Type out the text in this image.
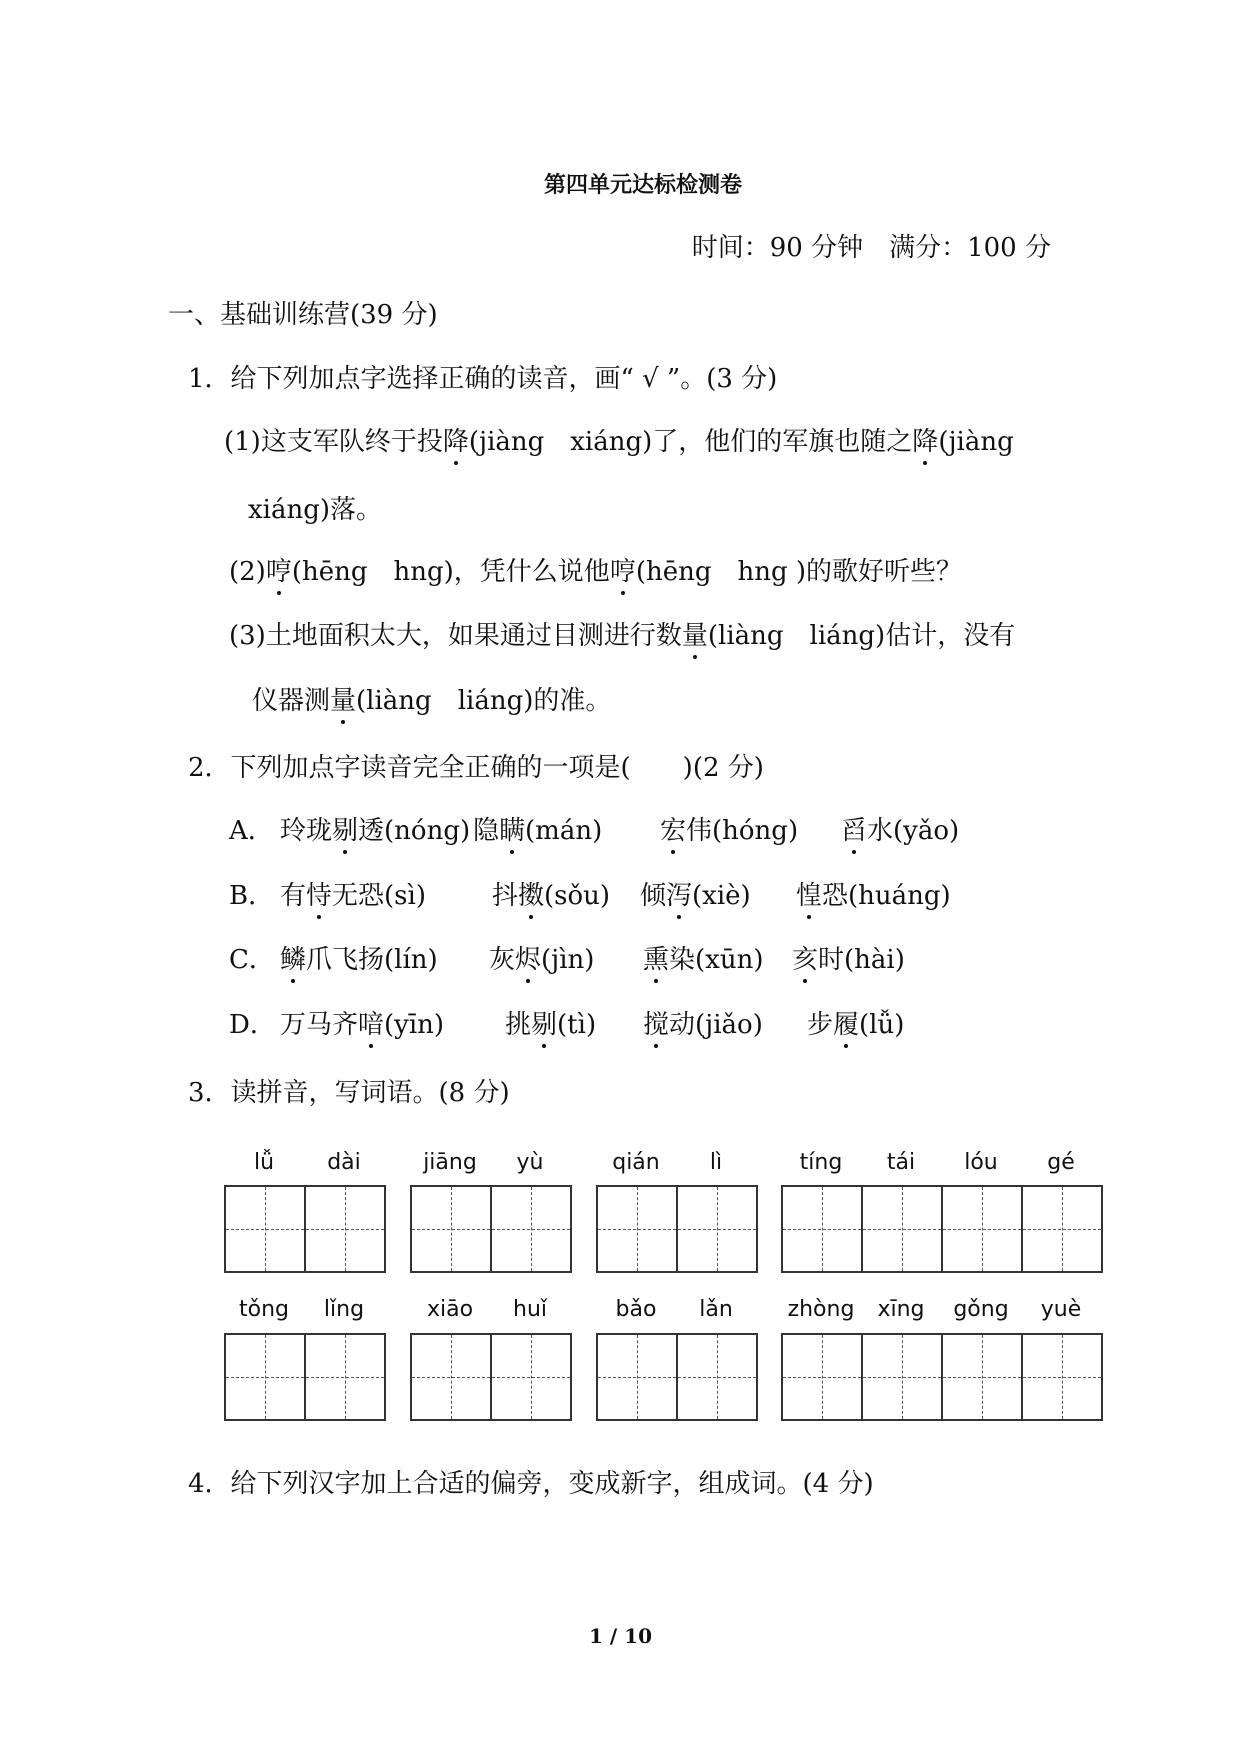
第四单元达标检测卷
时间：90 分钟　满分：100 分
一、基础训练营(39 分)
1．给下列加点字选择正确的读音，画“ √ ”。(3 分)
(1)这支军队终于投降(jiàng　xiáng)了，他们的军旗也随之降(jiàng
xiáng)落。
(2)哼(hēng　hng)，凭什么说他哼(hēng　hng )的歌好听些？
(3)土地面积太大，如果通过目测进行数量(liàng　liáng)估计，没有
仪器测量(liàng　liáng)的准。
2．下列加点字读音完全正确的一项是(　　)(2 分)
A． 玲珑剔透(nóng) 隐瞒(mán) 宏伟(hóng) 舀水(yǎo)
B． 有恃无恐(sì)	抖擞(sǒu) 倾泻(xiè) 惶恐(huáng)
C． 鳞爪飞扬(lín) 灰烬(jìn) 熏染(xūn) 亥时(hài)
D． 万马齐喑(yīn) 挑剔(tì) 搅动(jiǎo) 步履(lǚ)
3．读拼音，写词语。(8 分)
lǚ dài	jiāng yù	qián lì	tíng tái lóu gé
tǒng lǐng	xiāo huǐ	bǎo lǎn	zhòng xīng gǒng yuè
4．给下列汉字加上合适的偏旁，变成新字，组成词。(4 分)
1 / 10
